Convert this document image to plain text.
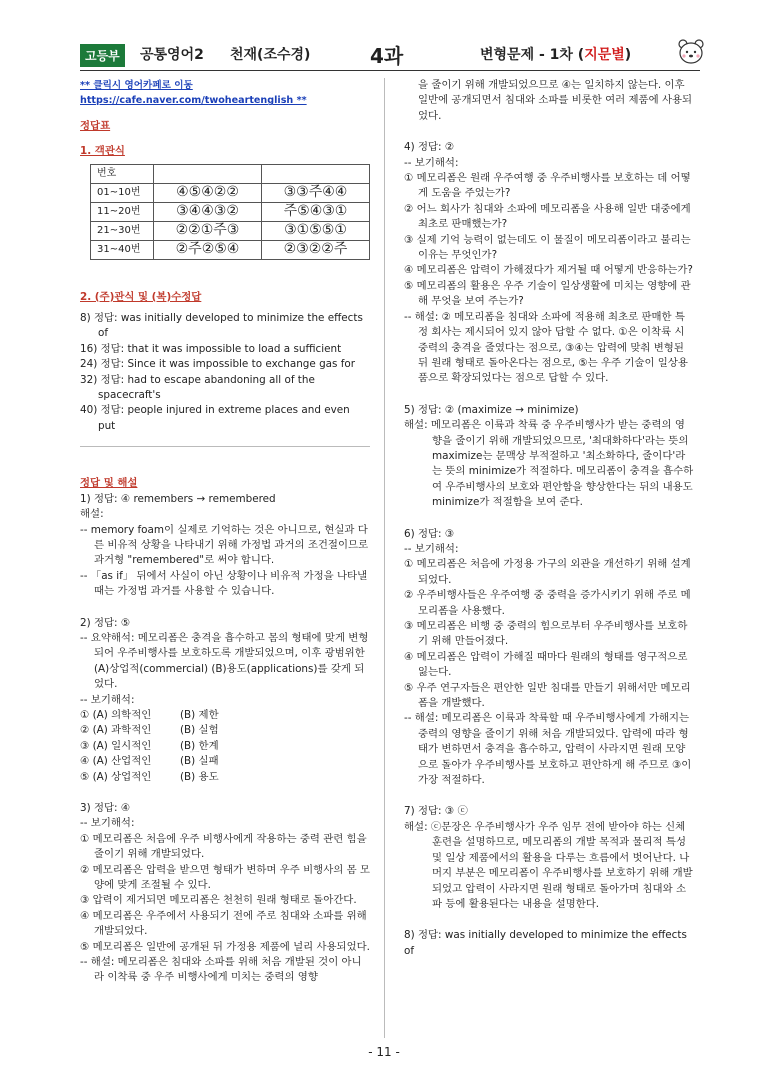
고등부	공통영어2 천재(조수경)	4과	변형문제 - 1차 (지문별)

** 클릭시 영어카페로 이동 https://cafe.naver.com/twoheartenglish **

정답표

1. 객관식

번호		
01~10번	④⑤④②②	③③주④④
11~20번	③④④③②	주⑤④③①
21~30번	②②①주③	③①⑤⑤①
31~40번	②주②⑤④	②③②②주

2. (주)관식 및 (복)수정답

8) 정답: was initially developed to minimize the effects of

16) 정답: that it was impossible to load a sufficient

24) 정답: Since it was impossible to exchange gas for

32) 정답: had to escape abandoning all of the spacecraft's

40) 정답: people injured in extreme places and even put

정답 및 해설

1) 정답: ④ remembers → remembered

해설:

-- memory foam이 실제로 기억하는 것은 아니므로, 현실과 다른 비유적 상황을 나타내기 위해 가정법 과거의 조건절이므로 과거형 "remembered"로 써야 합니다.

-- 「as if」 뒤에서 사실이 아닌 상황이나 비유적 가정을 나타낼 때는 가정법 과거를 사용할 수 있습니다.

2) 정답: ⑤

-- 요약해석: 메모리폼은 충격을 흡수하고 몸의 형태에 맞게 변형되어 우주비행사를 보호하도록 개발되었으며, 이후 광범위한 (A)상업적(commercial) (B)용도(applications)를 갖게 되었다.

-- 보기해석:

① (A) 의학적인	(B) 제한

② (A) 과학적인	(B) 실험

③ (A) 일시적인	(B) 한계

④ (A) 산업적인	(B) 실패

⑤ (A) 상업적인	(B) 용도

3) 정답: ④

-- 보기해석:

① 메모리폼은 처음에 우주 비행사에게 작용하는 중력 관련 힘을 줄이기 위해 개발되었다.

② 메모리폼은 압력을 받으면 형태가 변하며 우주 비행사의 몸 모양에 맞게 조절될 수 있다.

③ 압력이 제거되면 메모리폼은 천천히 원래 형태로 돌아간다.

④ 메모리폼은 우주에서 사용되기 전에 주로 침대와 소파를 위해 개발되었다.

⑤ 메모리폼은 일반에 공개된 뒤 가정용 제품에 널리 사용되었다.

-- 해설: 메모리폼은 침대와 소파를 위해 처음 개발된 것이 아니라 이착륙 중 우주 비행사에게 미치는 중력의 영향

을 줄이기 위해 개발되었으므로 ④는 일치하지 않는다. 이후 일반에 공개되면서 침대와 소파를 비롯한 여러 제품에 사용되었다.

4) 정답: ②

-- 보기해석:

① 메모리폼은 원래 우주여행 중 우주비행사를 보호하는 데 어떻게 도움을 주었는가?

② 어느 회사가 침대와 소파에 메모리폼을 사용해 일반 대중에게 최초로 판매했는가?

③ 실제 기억 능력이 없는데도 이 물질이 메모리폼이라고 불리는 이유는 무엇인가?

④ 메모리폼은 압력이 가해졌다가 제거될 때 어떻게 반응하는가?

⑤ 메모리폼의 활용은 우주 기술이 일상생활에 미치는 영향에 관해 무엇을 보여 주는가?

-- 해설: ② 메모리폼을 침대와 소파에 적용해 최초로 판매한 특정 회사는 제시되어 있지 않아 답할 수 없다. ①은 이착륙 시 중력의 충격을 줄였다는 점으로, ③④는 압력에 맞춰 변형된 뒤 원래 형태로 돌아온다는 점으로, ⑤는 우주 기술이 일상용품으로 확장되었다는 점으로 답할 수 있다.

5) 정답: ② (maximize → minimize)

해설: 메모리폼은 이륙과 착륙 중 우주비행사가 받는 중력의 영향을 줄이기 위해 개발되었으므로, '최대화하다'라는 뜻의 maximize는 문맥상 부적절하고 '최소화하다, 줄이다'라는 뜻의 minimize가 적절하다. 메모리폼이 충격을 흡수하여 우주비행사의 보호와 편안함을 향상한다는 뒤의 내용도 minimize가 적절함을 보여 준다.

6) 정답: ③

-- 보기해석:

① 메모리폼은 처음에 가정용 가구의 외관을 개선하기 위해 설계되었다.

② 우주비행사들은 우주여행 중 중력을 증가시키기 위해 주로 메모리폼을 사용했다.

③ 메모리폼은 비행 중 중력의 힘으로부터 우주비행사를 보호하기 위해 만들어졌다.

④ 메모리폼은 압력이 가해질 때마다 원래의 형태를 영구적으로 잃는다.

⑤ 우주 연구자들은 편안한 일반 침대를 만들기 위해서만 메모리폼을 개발했다.

-- 해설: 메모리폼은 이륙과 착륙할 때 우주비행사에게 가해지는 중력의 영향을 줄이기 위해 처음 개발되었다. 압력에 따라 형태가 변하면서 충격을 흡수하고, 압력이 사라지면 원래 모양으로 돌아가 우주비행사를 보호하고 편안하게 해 주므로 ③이 가장 적절하다.

7) 정답: ③ ⓒ

해설: ⓒ문장은 우주비행사가 우주 임무 전에 받아야 하는 신체 훈련을 설명하므로, 메모리폼의 개발 목적과 물리적 특성 및 일상 제품에서의 활용을 다루는 흐름에서 벗어난다. 나머지 부분은 메모리폼이 우주비행사를 보호하기 위해 개발되었고 압력이 사라지면 원래 형태로 돌아가며 침대와 소파 등에 활용된다는 내용을 설명한다.

8) 정답: was initially developed to minimize the effects of

- 11 -
